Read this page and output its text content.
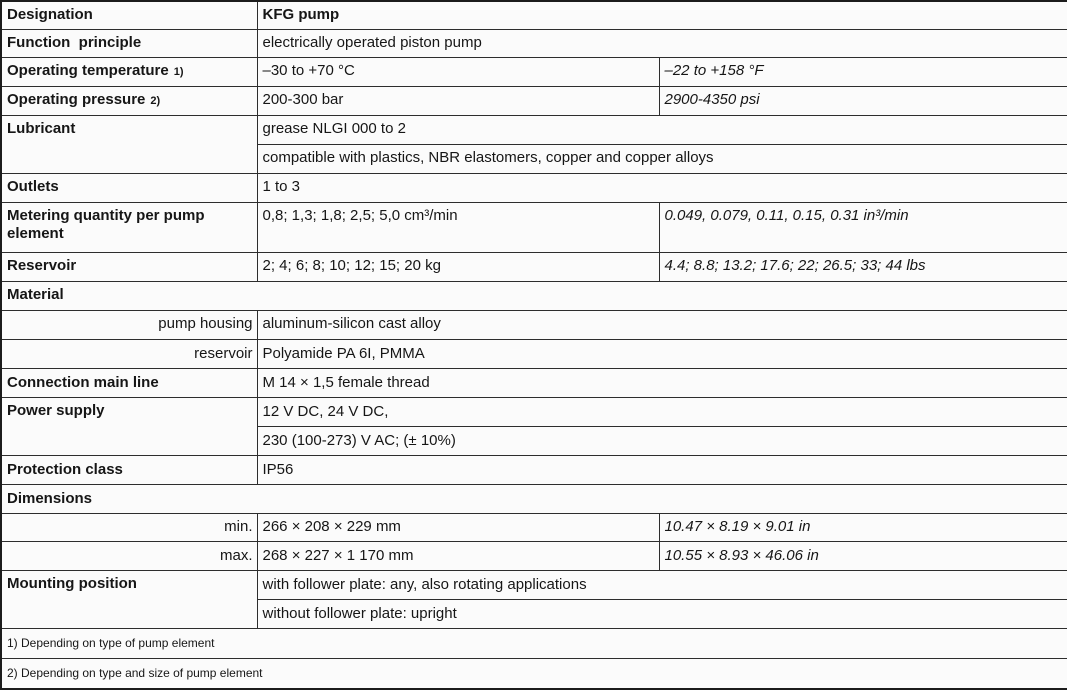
Designation	KFG pump	
Function  principle	electrically operated piston pump	
Operating temperature 1)	–30 to +70 °C	–22 to +158 °F
Operating pressure 2)	200-300 bar	2900-4350 psi
Lubricant	grease NLGI 000 to 2	
	compatible with plastics, NBR elastomers, copper and copper alloys	
Outlets	1 to 3	
Metering quantity per pump element	0,8; 1,3; 1,8; 2,5; 5,0 cm³/min	0.049, 0.079, 0.11, 0.15, 0.31 in³/min
Reservoir	2; 4; 6; 8; 10; 12; 15; 20 kg	4.4; 8.8; 13.2; 17.6; 22; 26.5; 33; 44 lbs
Material		
pump housing	aluminum-silicon cast alloy	
reservoir	Polyamide PA 6I, PMMA	
Connection main line	M 14 × 1,5 female thread	
Power supply	12 V DC, 24 V DC,	
	230 (100-273) V AC; (± 10%)	
Protection class	IP56	
Dimensions		
min.	266 × 208 × 229 mm	10.47 × 8.19 × 9.01 in
max.	268 × 227 × 1 170 mm	10.55 × 8.93 × 46.06 in
Mounting position	with follower plate: any, also rotating applications	
	without follower plate: upright	
1) Depending on type of pump element		
2) Depending on type and size of pump element		
